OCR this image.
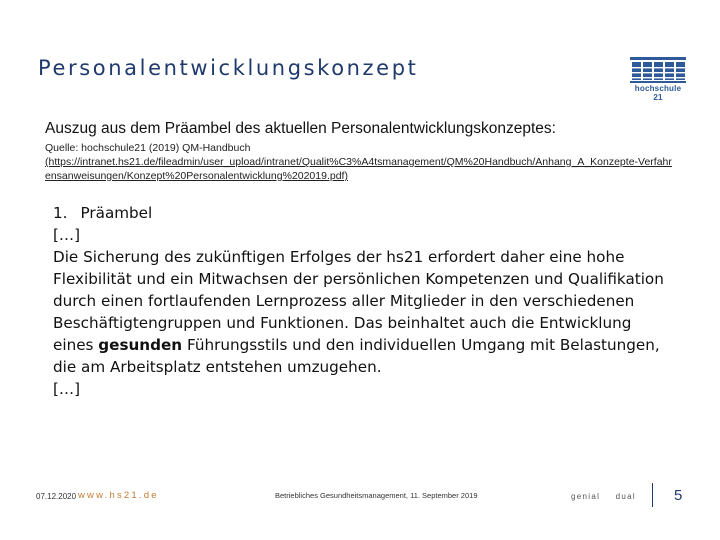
Personalentwicklungskonzept
hochschule 21
Auszug aus dem Präambel des aktuellen Personalentwicklungskonzeptes:
Quelle: hochschule21 (2019) QM-Handbuch
(https://intranet.hs21.de/fileadmin/user_upload/intranet/Qualit%C3%A4tsmanagement/QM%20Handbuch/Anhang_A_Konzepte-Verfahrensanweisungen/Konzept%20Personalentwicklung%202019.pdf)

1. Präambel

[…]

Die Sicherung des zukünftigen Erfolges der hs21 erfordert daher eine hohe Flexibilität und ein Mitwachsen der persönlichen Kompetenzen und Qualifikation durch einen fortlaufenden Lernprozess aller Mitglieder in den verschiedenen Beschäftigtengruppen und Funktionen. Das beinhaltet auch die Entwicklung eines gesunden Führungsstils und den individuellen Umgang mit Belastungen, die am Arbeitsplatz entstehen umzugehen.

[…]

07.12.2020 www.hs21.de	Betriebliches Gesundheitsmanagement, 11. September 2019	genial dual	5
